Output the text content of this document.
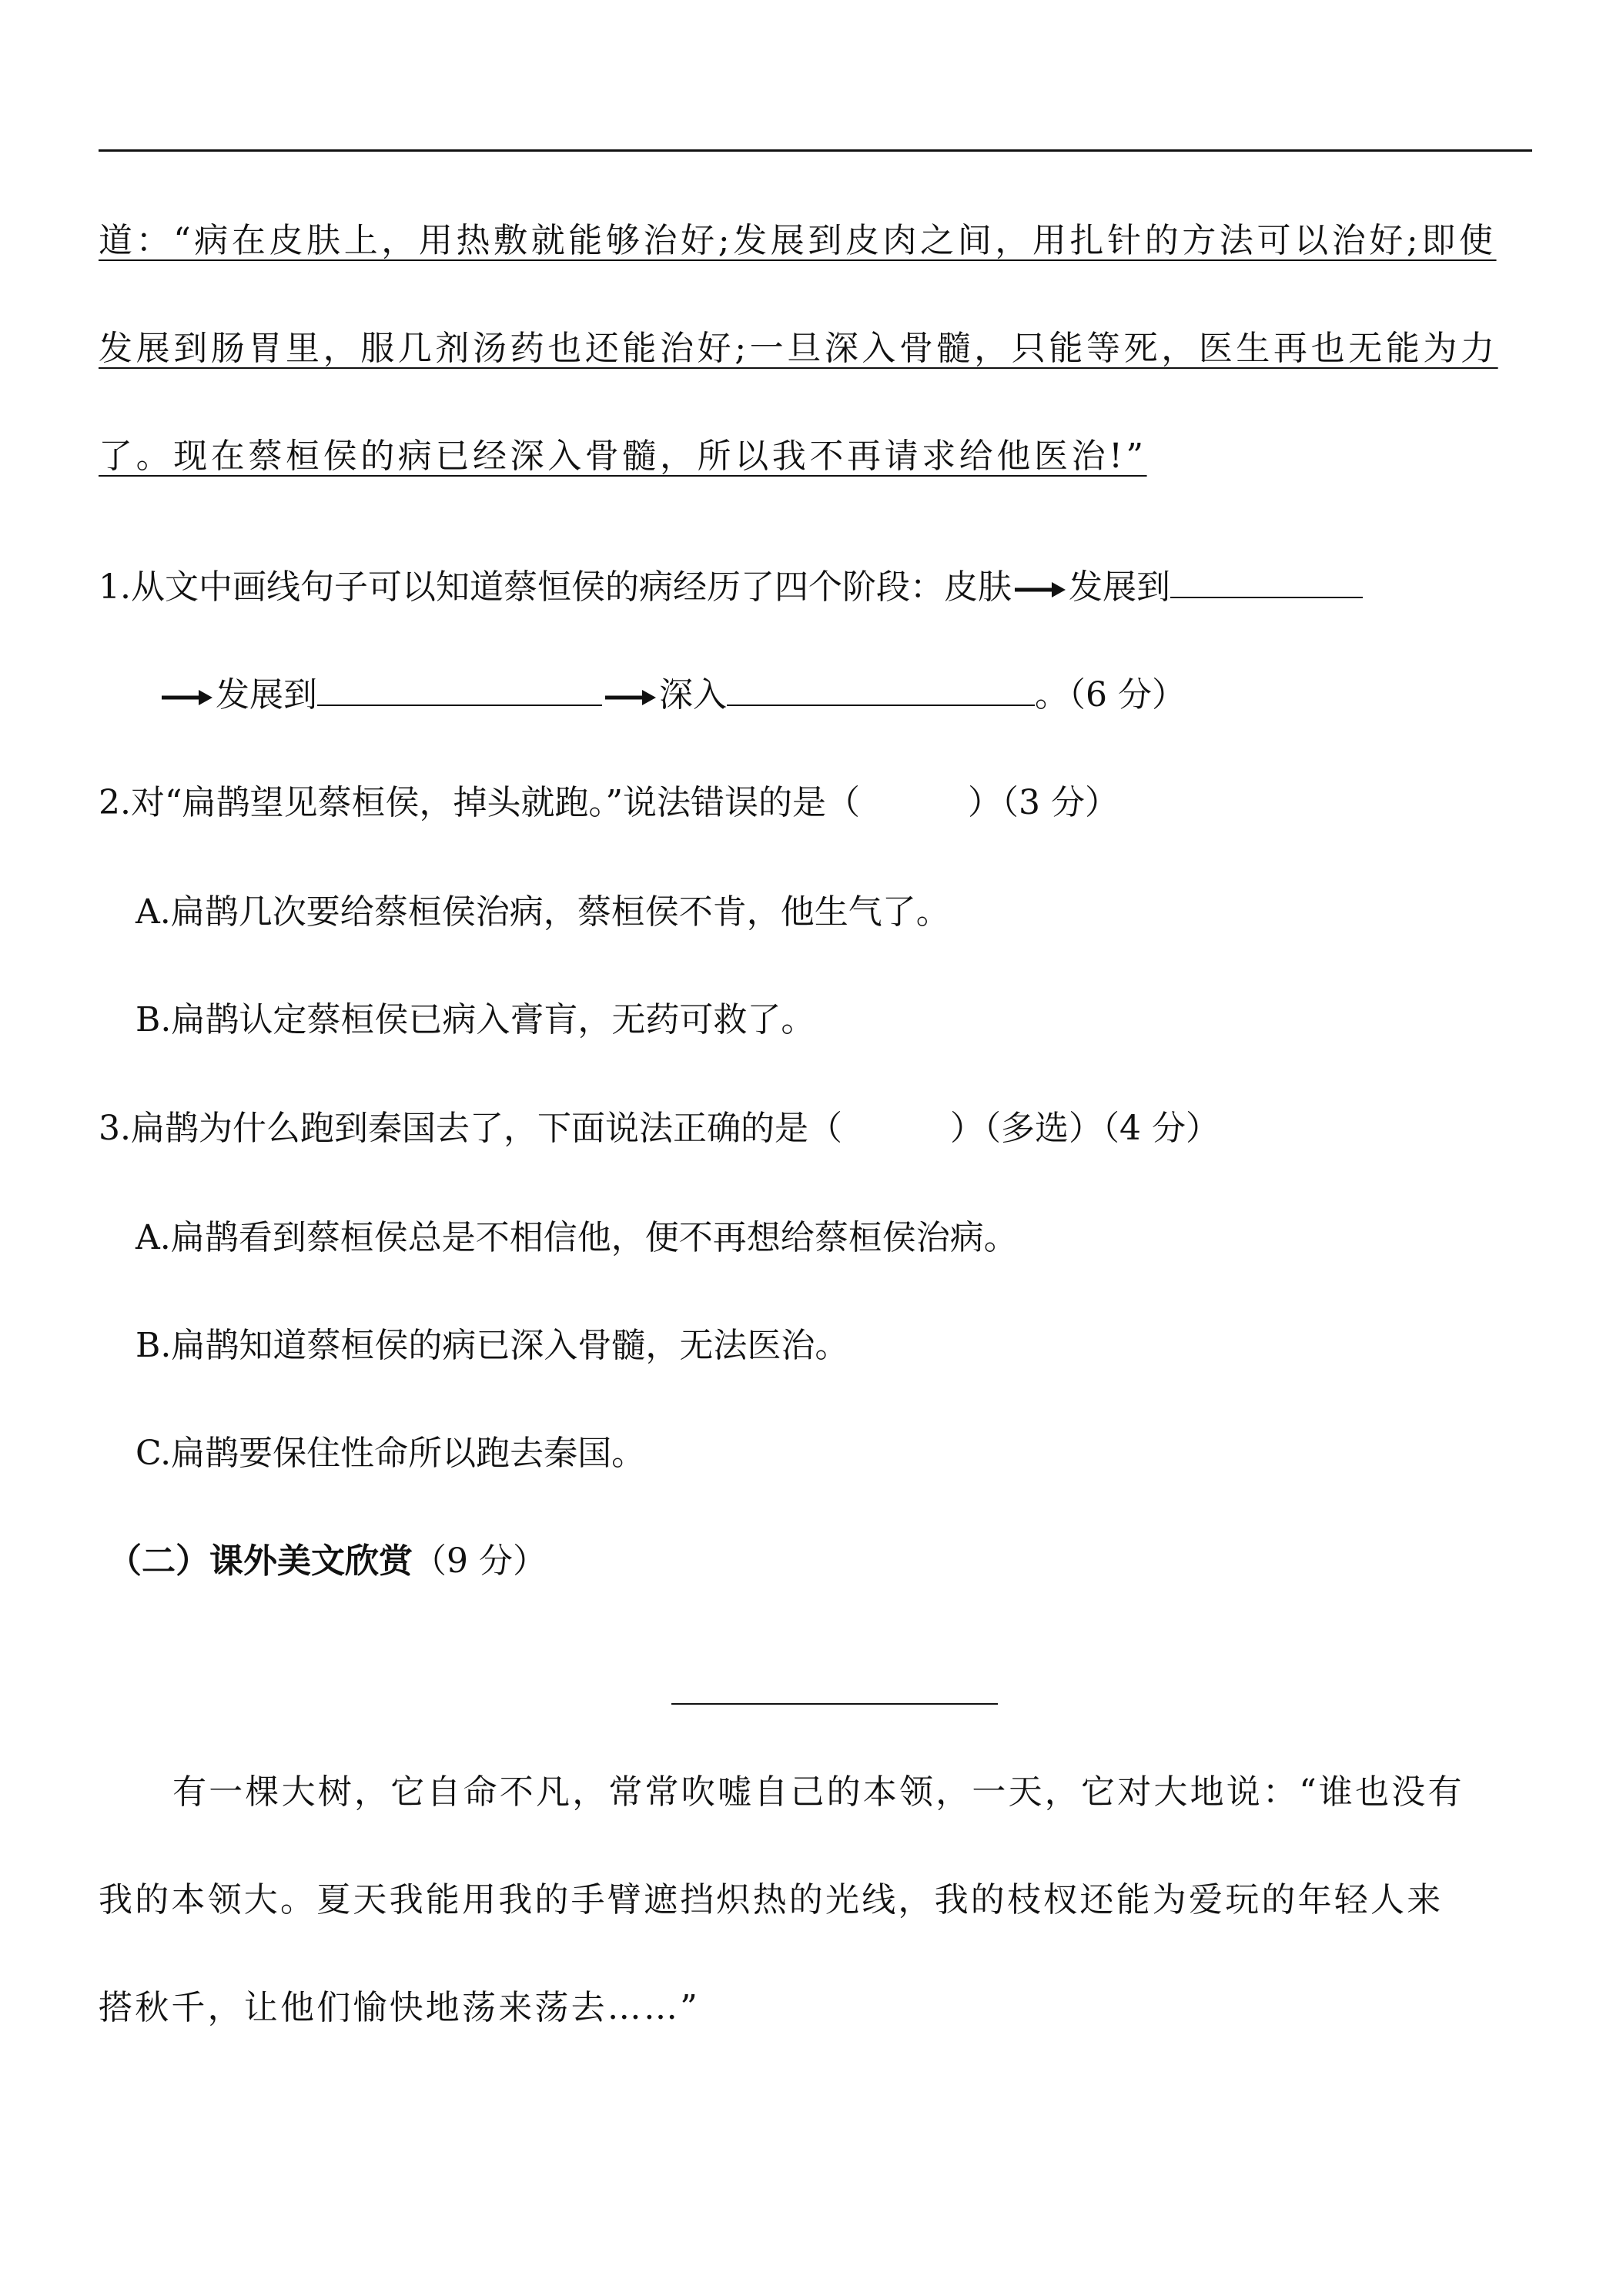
道：“病在皮肤上，用热敷就能够治好;发展到皮肉之间，用扎针的方法可以治好;即使
发展到肠胃里，服几剂汤药也还能治好;一旦深入骨髓，只能等死，医生再也无能为力
了。现在蔡桓侯的病已经深入骨髓，所以我不再请求给他医治!”
1.从文中画线句子可以知道蔡恒侯的病经历了四个阶段：皮肤 发展到
发展到	深入	。（6 分）
2.对“扁鹊望见蔡桓侯，掉头就跑。”说法错误的是（	）（3 分）
A.扁鹊几次要给蔡桓侯治病，蔡桓侯不肯，他生气了。
B.扁鹊认定蔡桓侯已病入膏肓，无药可救了。
3.扁鹊为什么跑到秦国去了，下面说法正确的是（	）（多选）（4 分）
A.扁鹊看到蔡桓侯总是不相信他，便不再想给蔡桓侯治病。
B.扁鹊知道蔡桓侯的病已深入骨髓，无法医治。
C.扁鹊要保住性命所以跑去秦国。
（二）课外美文欣赏（9 分）
有一棵大树，它自命不凡，常常吹嘘自己的本领，一天，它对大地说：“谁也没有
我的本领大。夏天我能用我的手臂遮挡炽热的光线，我的枝杈还能为爱玩的年轻人来
搭秋千，让他们愉快地荡来荡去……”
